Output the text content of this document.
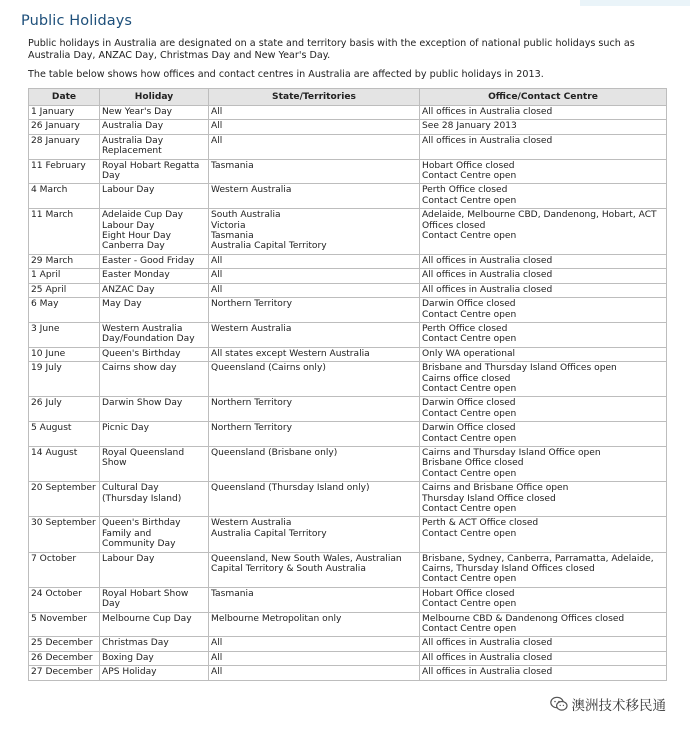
Public Holidays

Public holidays in Australia are designated on a state and territory basis with the exception of national public holidays such as Australia Day, ANZAC Day, Christmas Day and New Year's Day.

The table below shows how offices and contact centres in Australia are affected by public holidays in 2013.

Date	Holiday	State/Territories	Office/Contact Centre
1 January	New Year's Day	All	All offices in Australia closed

26 January	Australia Day	All	See 28 January 2013

28 January	Australia Day
Replacement	All	All offices in Australia closed

11 February	Royal Hobart Regatta
Day	Tasmania	Hobart Office closed
Contact Centre open

4 March	Labour Day	Western Australia	Perth Office closed
Contact Centre open

11 March	Adelaide Cup Day
Labour Day
Eight Hour Day
Canberra Day	South Australia
Victoria
Tasmania
Australia Capital Territory	Adelaide, Melbourne CBD, Dandenong, Hobart, ACT
Offices closed
Contact Centre open

29 March	Easter - Good Friday	All	All offices in Australia closed

1 April	Easter Monday	All	All offices in Australia closed

25 April	ANZAC Day	All	All offices in Australia closed

6 May	May Day	Northern Territory	Darwin Office closed
Contact Centre open

3 June	Western Australia
Day/Foundation Day	Western Australia	Perth Office closed
Contact Centre open

10 June	Queen's Birthday	All states except Western Australia	Only WA operational

19 July	Cairns show day	Queensland (Cairns only)	Brisbane and Thursday Island Offices open
Cairns office closed
Contact Centre open

26 July	Darwin Show Day	Northern Territory	Darwin Office closed
Contact Centre open

5 August	Picnic Day	Northern Territory	Darwin Office closed
Contact Centre open

14 August	Royal Queensland
Show	Queensland (Brisbane only)	Cairns and Thursday Island Office open
Brisbane Office closed
Contact Centre open

20 September	Cultural Day
(Thursday Island)	Queensland (Thursday Island only)	Cairns and Brisbane Office open
Thursday Island Office closed
Contact Centre open

30 September	Queen's Birthday
Family and
Community Day	Western Australia
Australia Capital Territory	Perth & ACT Office closed
Contact Centre open

7 October	Labour Day	Queensland, New South Wales, Australian
Capital Territory & South Australia	Brisbane, Sydney, Canberra, Parramatta, Adelaide,
Cairns, Thursday Island Offices closed
Contact Centre open

24 October	Royal Hobart Show
Day	Tasmania	Hobart Office closed
Contact Centre open

5 November	Melbourne Cup Day	Melbourne Metropolitan only	Melbourne CBD & Dandenong Offices closed
Contact Centre open

25 December	Christmas Day	All	All offices in Australia closed

26 December	Boxing Day	All	All offices in Australia closed

27 December	APS Holiday	All	All offices in Australia closed
澳洲技术移民通
